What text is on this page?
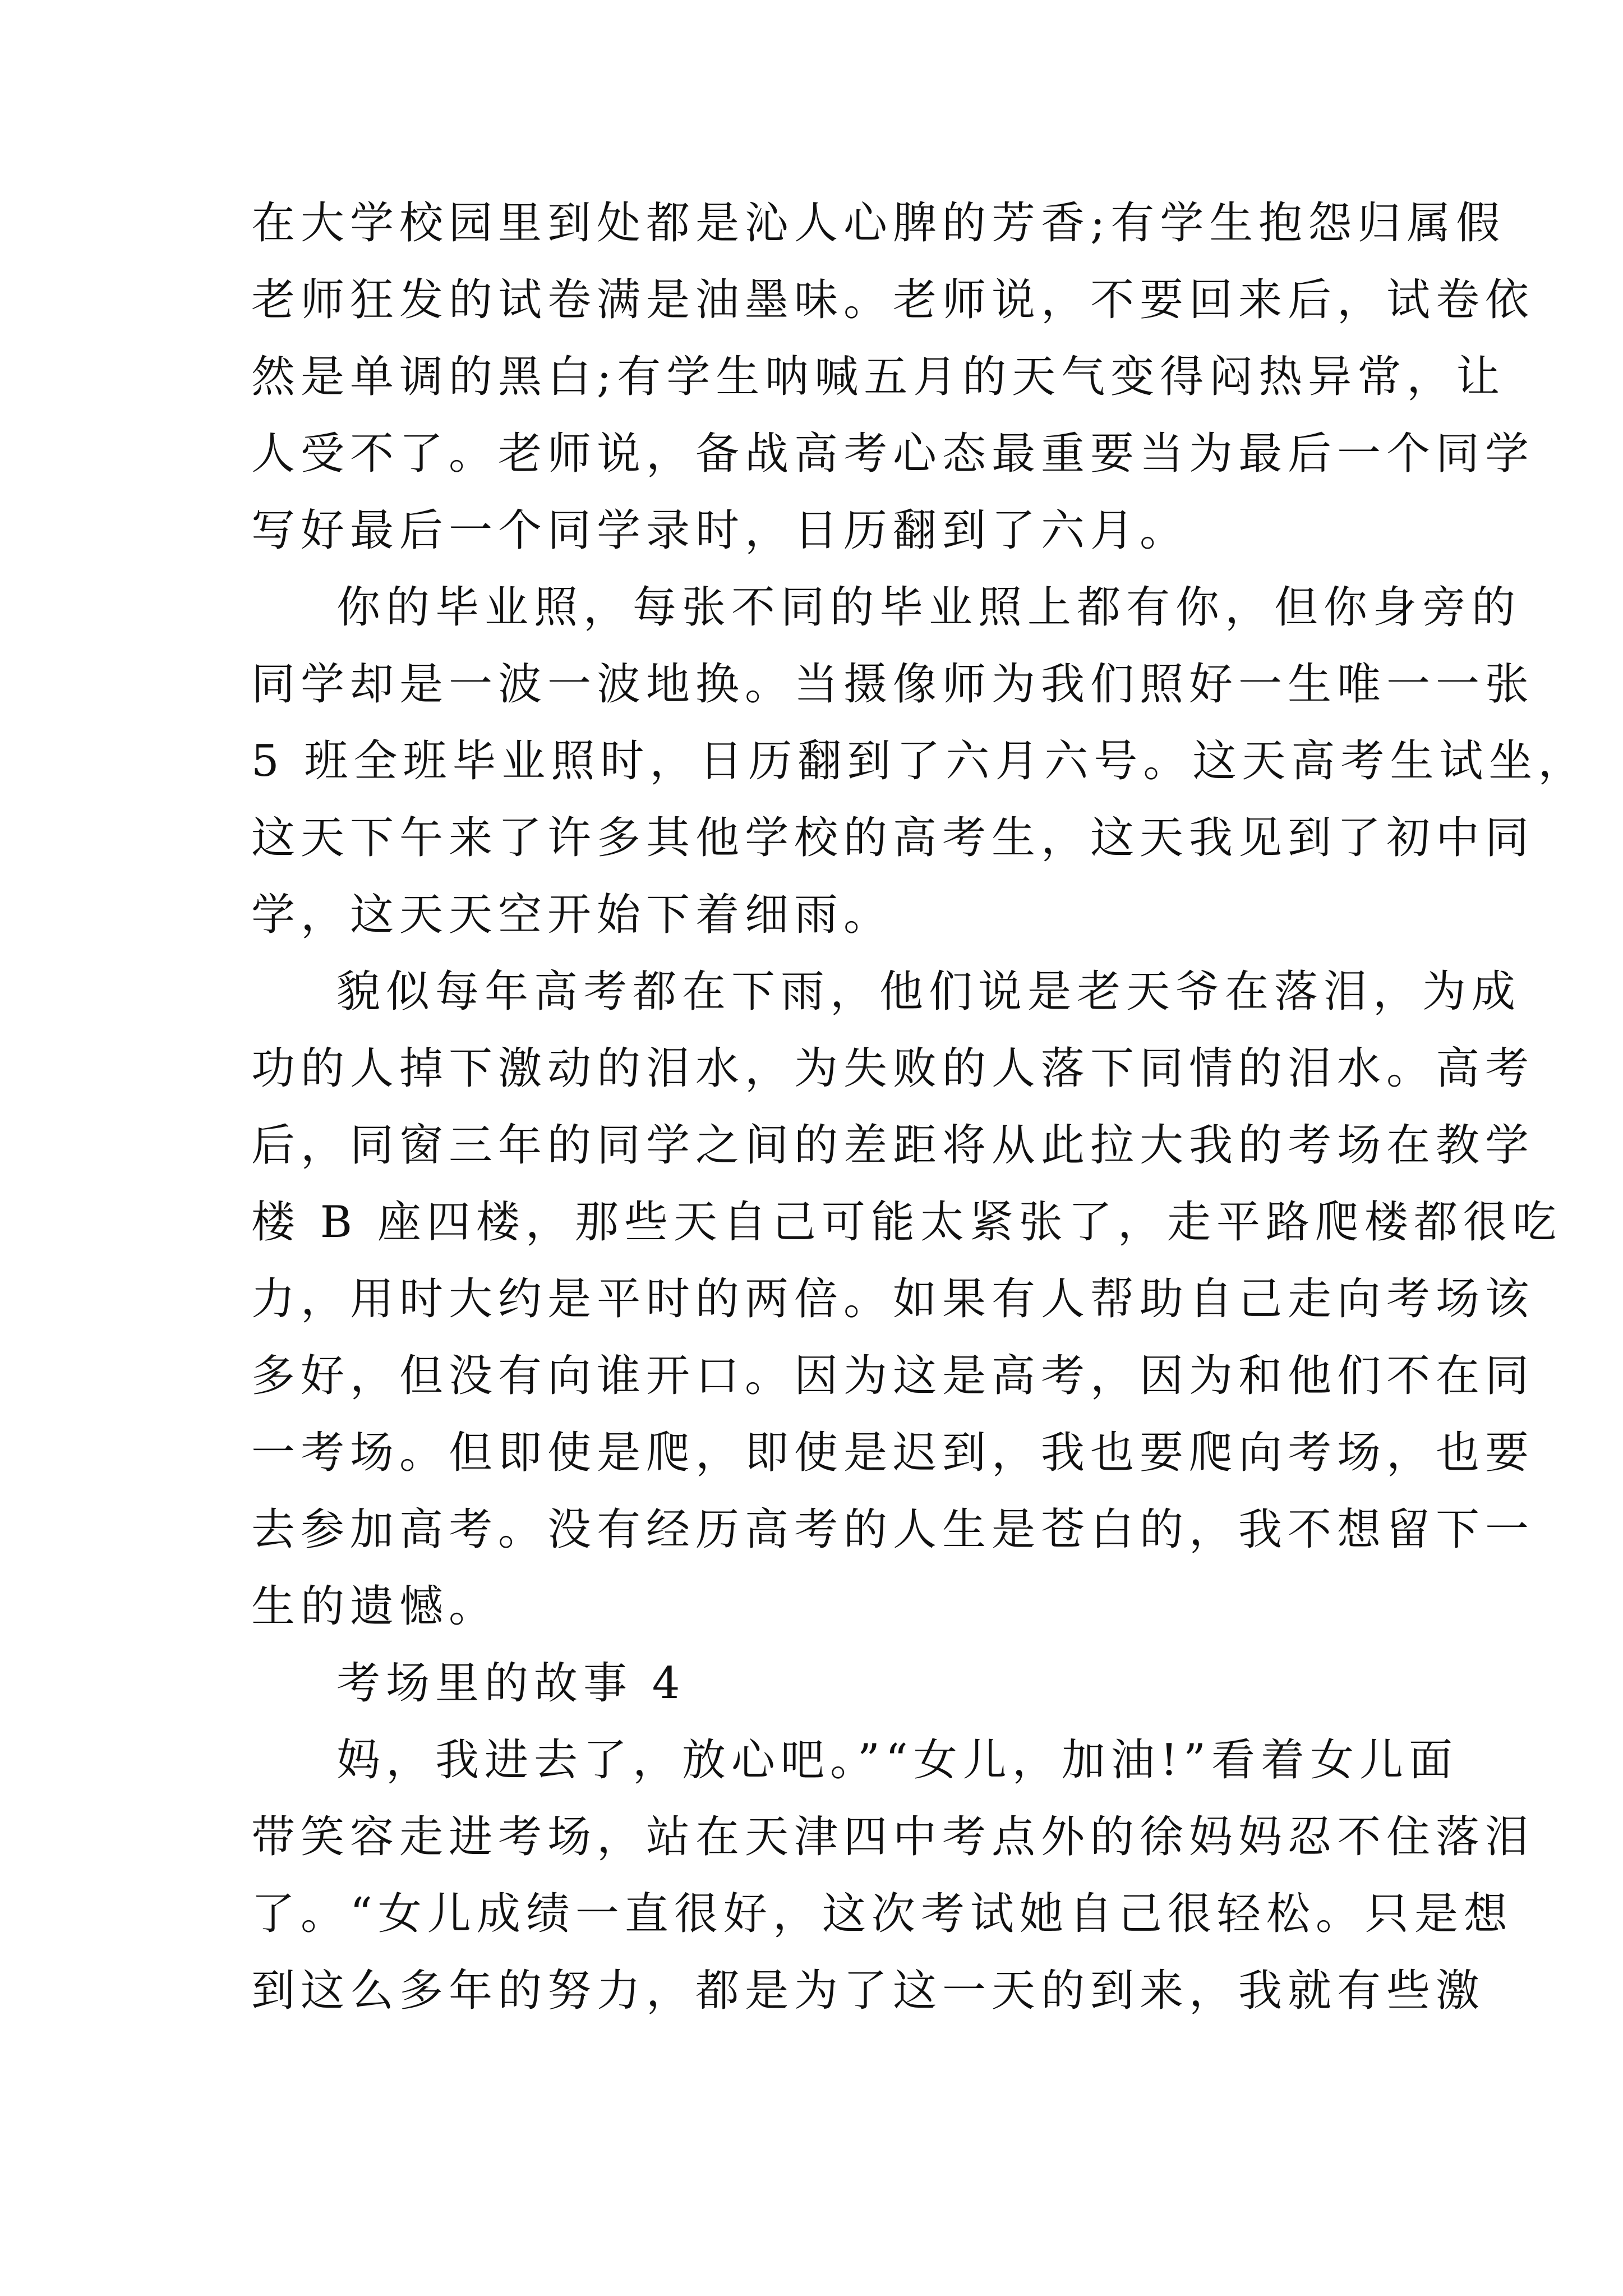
在大学校园里到处都是沁人心脾的芳香;有学生抱怨归属假
老师狂发的试卷满是油墨味。老师说，不要回来后，试卷依
然是单调的黑白;有学生呐喊五月的天气变得闷热异常，让
人受不了。老师说，备战高考心态最重要当为最后一个同学
写好最后一个同学录时，日历翻到了六月。
你的毕业照，每张不同的毕业照上都有你，但你身旁的
同学却是一波一波地换。当摄像师为我们照好一生唯一一张
5 班全班毕业照时，日历翻到了六月六号。这天高考生试坐，
这天下午来了许多其他学校的高考生，这天我见到了初中同
学，这天天空开始下着细雨。
貌似每年高考都在下雨，他们说是老天爷在落泪，为成
功的人掉下激动的泪水，为失败的人落下同情的泪水。高考
后，同窗三年的同学之间的差距将从此拉大我的考场在教学
楼 B 座四楼，那些天自己可能太紧张了，走平路爬楼都很吃
力，用时大约是平时的两倍。如果有人帮助自己走向考场该
多好，但没有向谁开口。因为这是高考，因为和他们不在同
一考场。但即使是爬，即使是迟到，我也要爬向考场，也要
去参加高考。没有经历高考的人生是苍白的，我不想留下一
生的遗憾。
考场里的故事 4
妈，我进去了，放心吧。”“女儿，加油!”看着女儿面
带笑容走进考场，站在天津四中考点外的徐妈妈忍不住落泪
了。“女儿成绩一直很好，这次考试她自己很轻松。只是想
到这么多年的努力，都是为了这一天的到来，我就有些激
